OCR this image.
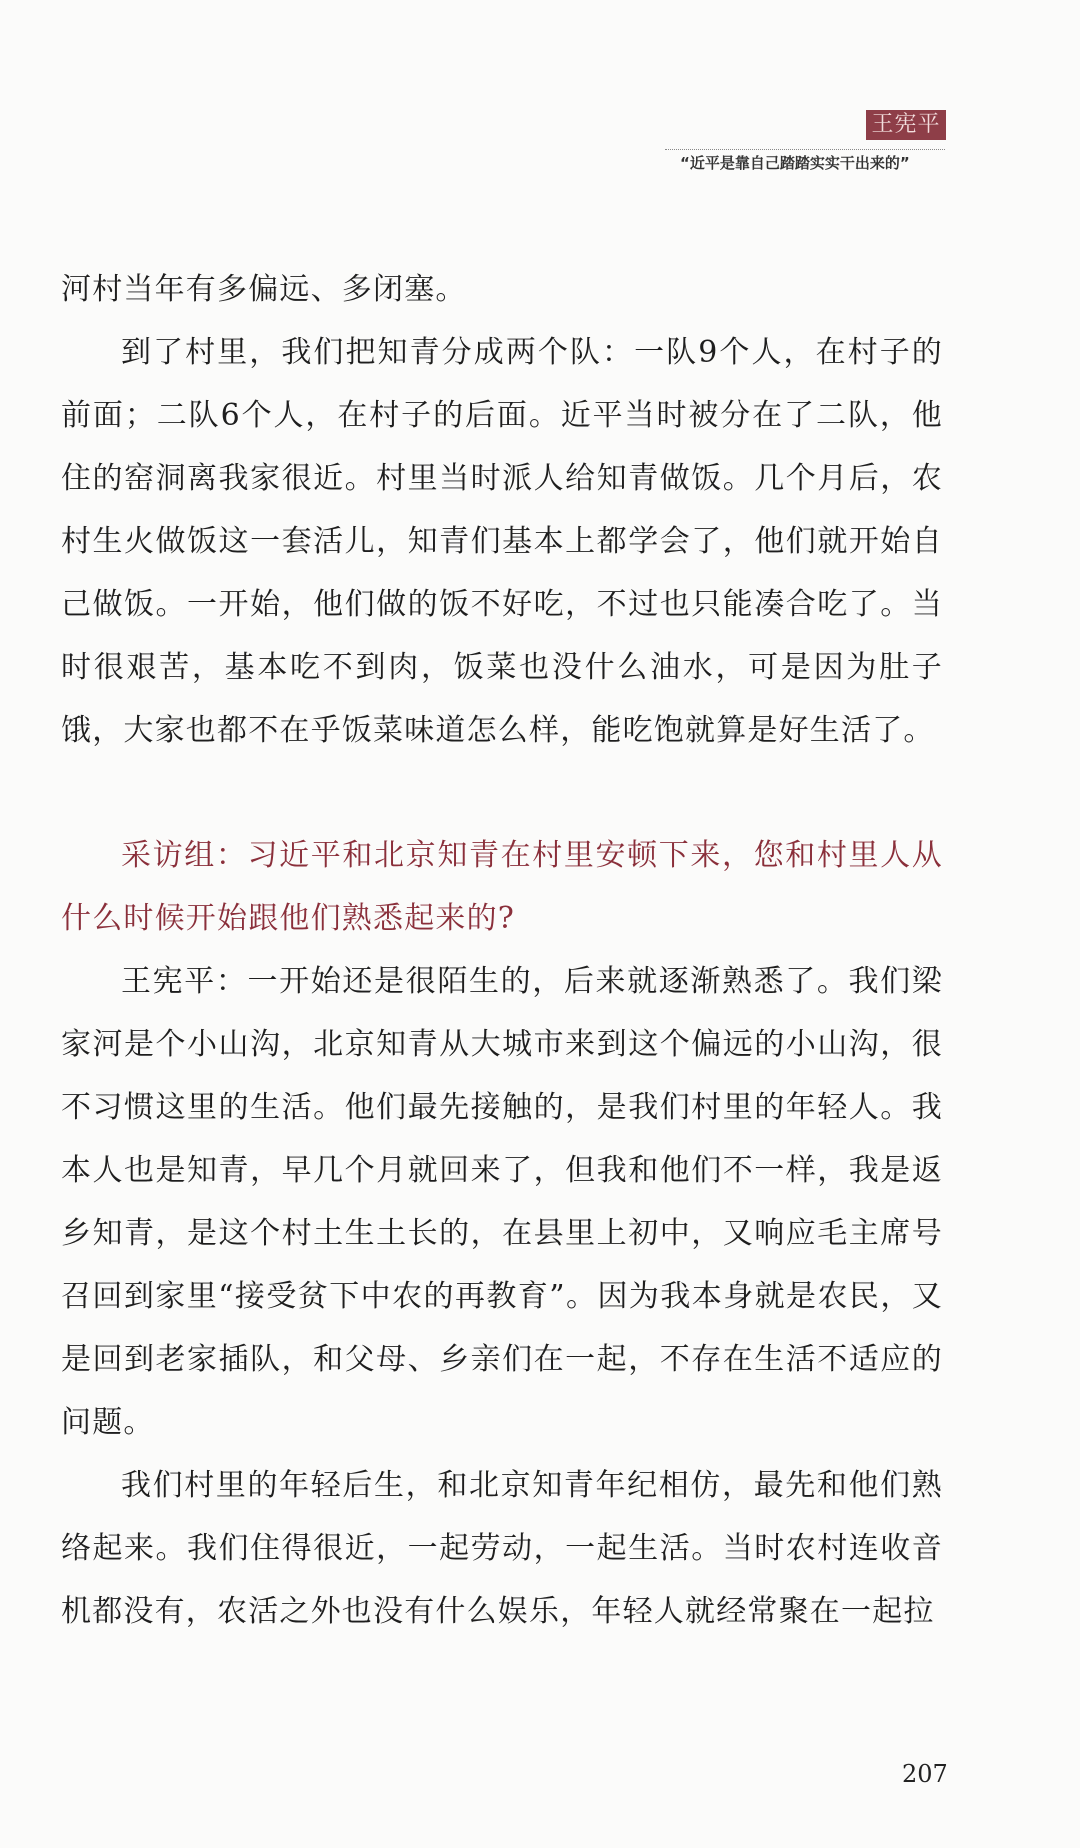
王宪平
“近平是靠自己踏踏实实干出来的”

河村当年有多偏远、多闭塞。

到了村里，我们把知青分成两个队：一队9个人，在村子的前面；二队6个人，在村子的后面。近平当时被分在了二队，他住的窑洞离我家很近。村里当时派人给知青做饭。几个月后，农村生火做饭这一套活儿，知青们基本上都学会了，他们就开始自己做饭。一开始，他们做的饭不好吃，不过也只能凑合吃了。当时很艰苦，基本吃不到肉，饭菜也没什么油水，可是因为肚子饿，大家也都不在乎饭菜味道怎么样，能吃饱就算是好生活了。

采访组：习近平和北京知青在村里安顿下来，您和村里人从什么时候开始跟他们熟悉起来的?

王宪平：一开始还是很陌生的，后来就逐渐熟悉了。我们梁家河是个小山沟，北京知青从大城市来到这个偏远的小山沟，很不习惯这里的生活。他们最先接触的，是我们村里的年轻人。我本人也是知青，早几个月就回来了，但我和他们不一样，我是返乡知青，是这个村土生土长的，在县里上初中，又响应毛主席号召回到家里“接受贫下中农的再教育”。因为我本身就是农民，又是回到老家插队，和父母、乡亲们在一起，不存在生活不适应的问题。

我们村里的年轻后生，和北京知青年纪相仿，最先和他们熟络起来。我们住得很近，一起劳动，一起生活。当时农村连收音机都没有，农活之外也没有什么娱乐，年轻人就经常聚在一起拉

207
